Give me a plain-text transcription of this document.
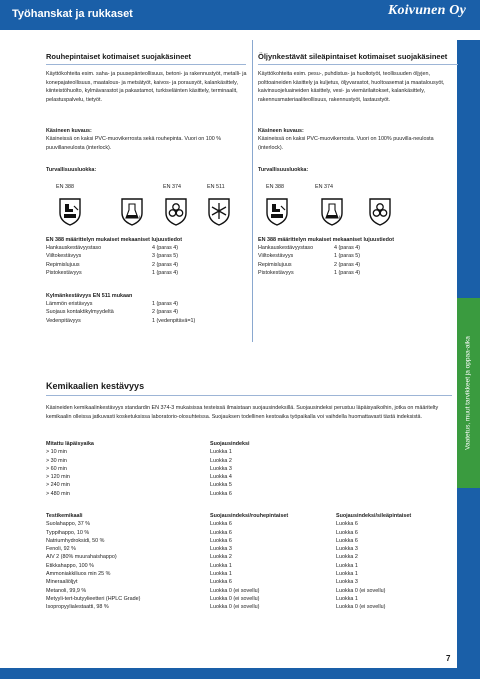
Työhanskat ja rukkaset	Koivunen Oy
Vaatetus, muut tarvikkeet ja oppaa-aika
Rouhepintaiset kotimaiset suojakäsineet
Käyttökohteita esim. saha- ja puusepänteollisuus, betoni- ja rakennustyöt, metalli- ja konepajateollisuus, maatalous- ja metsätyöt, kaivos- ja porausyöt, kalankäsittely, kiinteistöhuolto, kylmävarastot ja pakastamot, turkiseläinten käsittely, terminaalit, pelastuspalvelu, tietyöt.
Käsineen kuvaus:
Käsineissä on kaksi PVC-muovikerrosta sekä rouhepinta. Vuori on 100 % puuvillaneulosta (interlock).
Turvallisuusluokka:
EN 388	EN 374	EN 511
i
EN 388 määrittelyn mukaiset mekaaniset lujuustiedot
Hankauskestävyystaso	4 (paras 4)
Viiltokestävyys	3 (paras 5)
Repimislujuus	2 (paras 4)
Pistokestävyys	1 (paras 4)
Kylmänkestävyys EN 511 mukaan
Lämmön eristävyys	1 (paras 4)
Suojaus kontaktikylmyydeltä	2 (paras 4)
Vedenpitävyys	1 (vedenpitävä=1)
Öljynkestävät sileäpintaiset kotimaiset suojakäsineet
Käyttökohteita esim. pesu-, puhdistus- ja huoltotyöt, teollisuuden öljyjen, polttoaineiden käsittely ja kuljetus, öljyvarastot, huoltoasemat ja maatalousyöt, kaivinsuojeluaineiden käsittely, vesi- ja viemärilaitokset, kalankäsittely, rakennusmateriaaliteollisuus, rakennustyöt, lastaustyöt.
Käsineen kuvaus:
Käsineissä on kaksi PVC-muovikerrosta. Vuori on 100% puuvilla-neulosta (interlock).
Turvallisuusluokka:
EN 388	EN 374
i
EN 388 määrittelyn mukaiset mekaaniset lujuustiedot
Hankauskestävyystaso	4 (paras 4)
Viiltokestävyys	1 (paras 5)
Repimislujuus	2 (paras 4)
Pistokestävyys	1 (paras 4)
Kemikaalien kestävyys
Käsineiden kemikaalinkestävyys standardin EN 374-3 mukaisissa testeissä ilmaistaan suojausindeksillä. Suojausindeksi perustuu läpäisyaikoihin, jotka on määritelty kemikaalin olleissa jatkuvasti kosketuksissa laboratorio-olosuhteissa. Suojauksen todellinen kestoaika työpaikalla voi vaihdella huomattavasti tästä indeksistä.
Mitattu läpäisyaika	Suojausindeksi
> 10 min	Luokka 1
> 30 min	Luokka 2
> 60 min	Luokka 3
> 120 min	Luokka 4
> 240 min	Luokka 5
> 480 min	Luokka 6
Testikemikaali	Suojausindeksi/rouhepintaiset	Suojausindeksi/sileäpintaiset
Suolahappo, 37 %	Luokka 6	Luokka 6
Typpihappo, 10 %	Luokka 6	Luokka 6
Natriumhydroksidi, 50 %	Luokka 6	Luokka 6
Fenoli, 92 %	Luokka 3	Luokka 3
AIV 2 (80% muurahaishappo)	Luokka 2	Luokka 2
Etikkahappo, 100 %	Luokka 1	Luokka 1
Ammoniakkiliuos min 25 %	Luokka 1	Luokka 1
Mineraaliöljyt	Luokka 6	Luokka 3
Metanoli, 99,9 %	Luokka 0 (ei sovellu)	Luokka 0 (ei sovellu)
Metyyli-tert-butyylieetteri (HPLC Grade)	Luokka 0 (ei sovellu)	Luokka 1
Isopropyylialestaatti, 98 %	Luokka 0 (ei sovellu)	Luokka 0 (ei sovellu)
7
